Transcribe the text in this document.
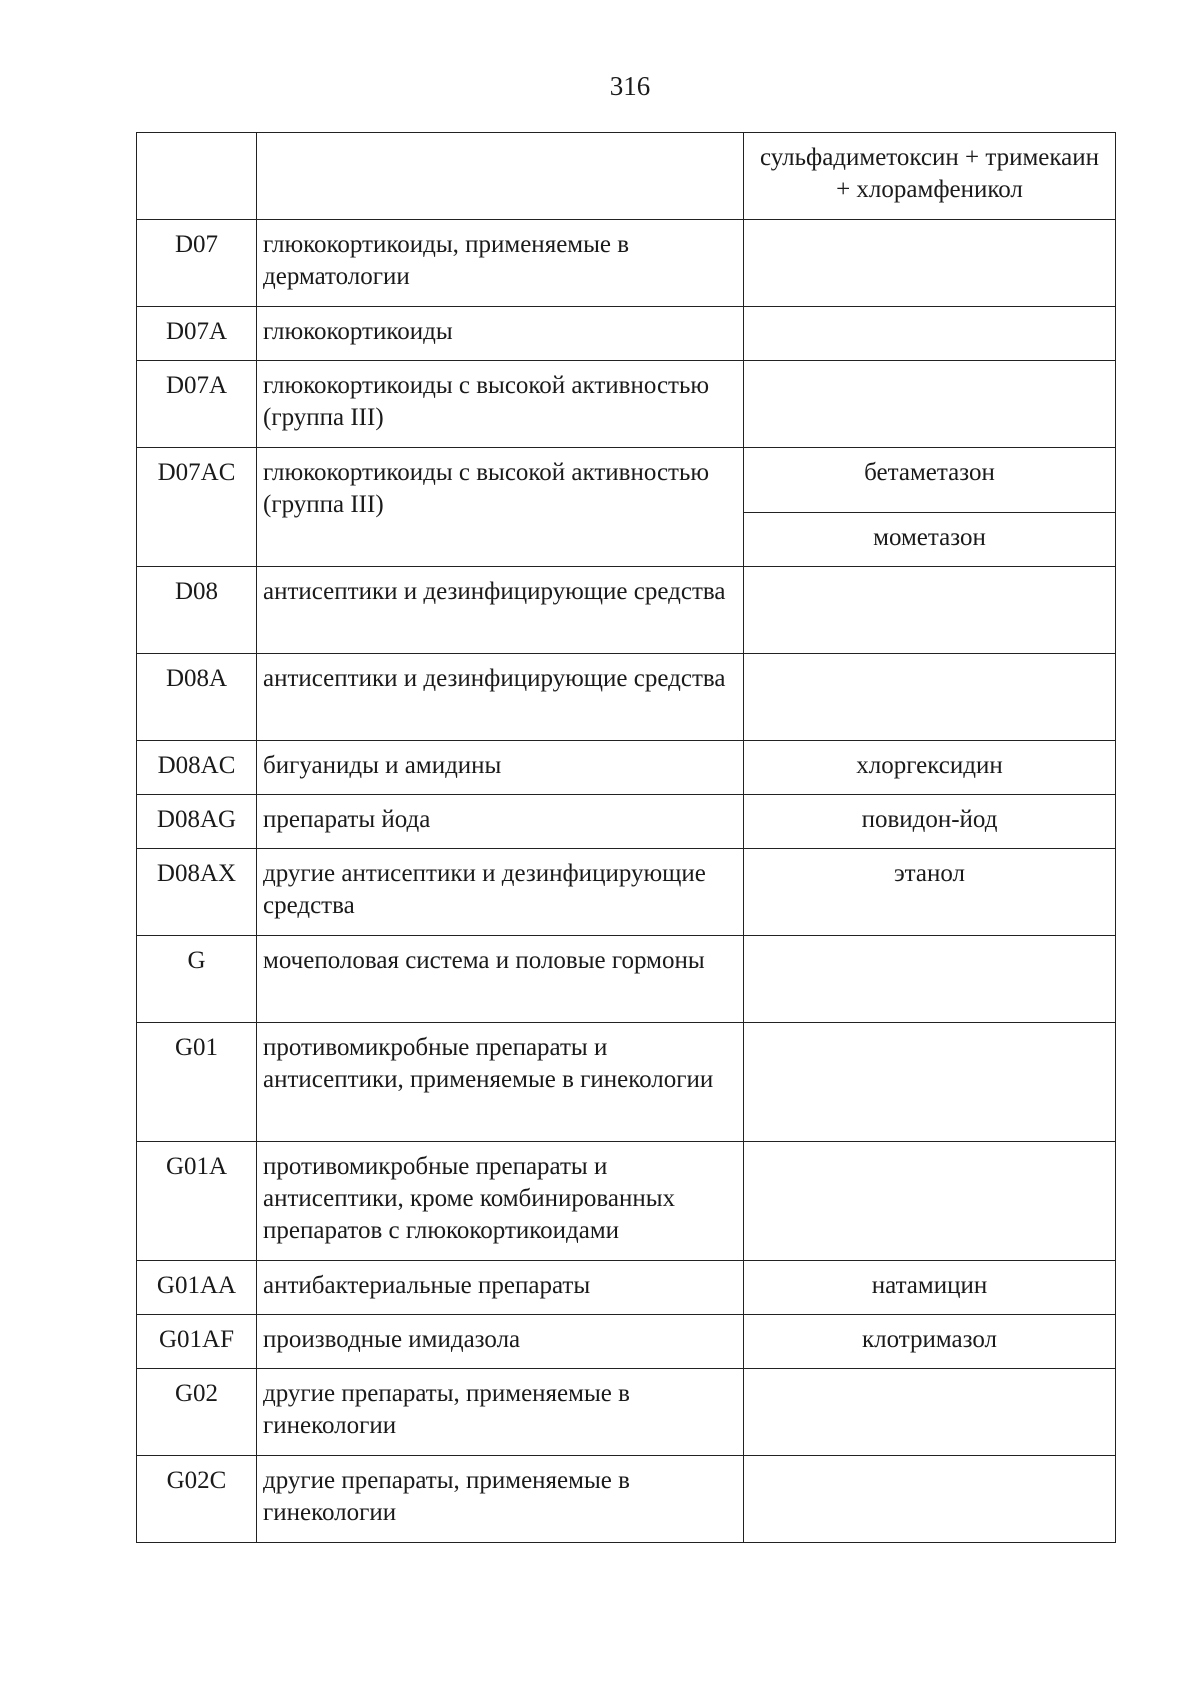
316
		сульфадиметоксин + тримекаин + хлорамфеникол
D07	глюкокортикоиды, применяемые в дерматологии	
D07A	глюкокортикоиды	
D07A	глюкокортикоиды с высокой активностью (группа III)	
D07AC	глюкокортикоиды с высокой активностью (группа III)	бетаметазон
		мометазон
D08	антисептики и дезинфицирующие средства	
D08A	антисептики и дезинфицирующие средства	
D08AC	бигуаниды и амидины	хлоргексидин
D08AG	препараты йода	повидон-йод
D08AX	другие антисептики и дезинфицирующие средства	этанол
G	мочеполовая система и половые гормоны	
G01	противомикробные препараты и антисептики, применяемые в гинекологии	
G01A	противомикробные препараты и антисептики, кроме комбинированных препаратов с глюкокортикоидами	
G01AA	антибактериальные препараты	натамицин
G01AF	производные имидазола	клотримазол
G02	другие препараты, применяемые в гинекологии	
G02C	другие препараты, применяемые в гинекологии	
